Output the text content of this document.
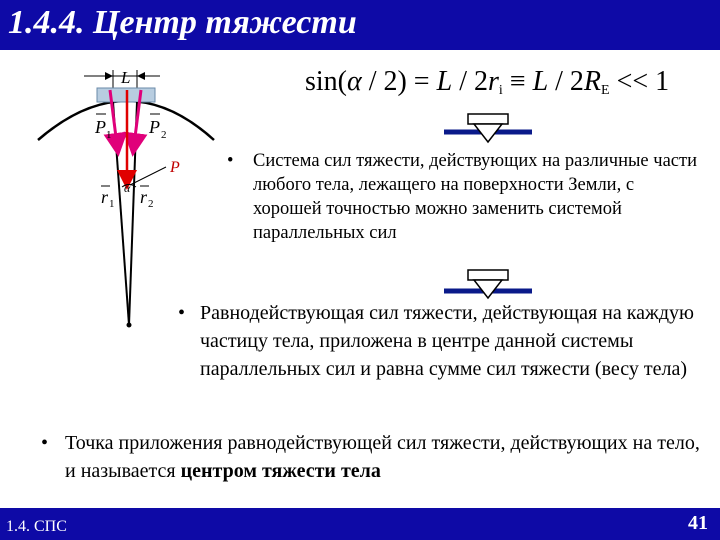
1.4.4. Центр тяжести
L
P
P 1 P 2
α
r 1 r 2
$\sin(\alpha / 2) = L / 2r_i \equiv L / 2R_E << 1$
• Система сил тяжести, действующих на различные части любого тела, лежащего на поверхности Земли, с хорошей точностью можно заменить системой параллельных сил
• Равнодействующая сил тяжести, действующая на каждую частицу тела, приложена в центре данной системы параллельных сил и равна сумме сил тяжести (весу тела)
• Точка приложения равнодействующей сил тяжести, действующих на тело, и называется центром тяжести тела
1.4. СПС	41
